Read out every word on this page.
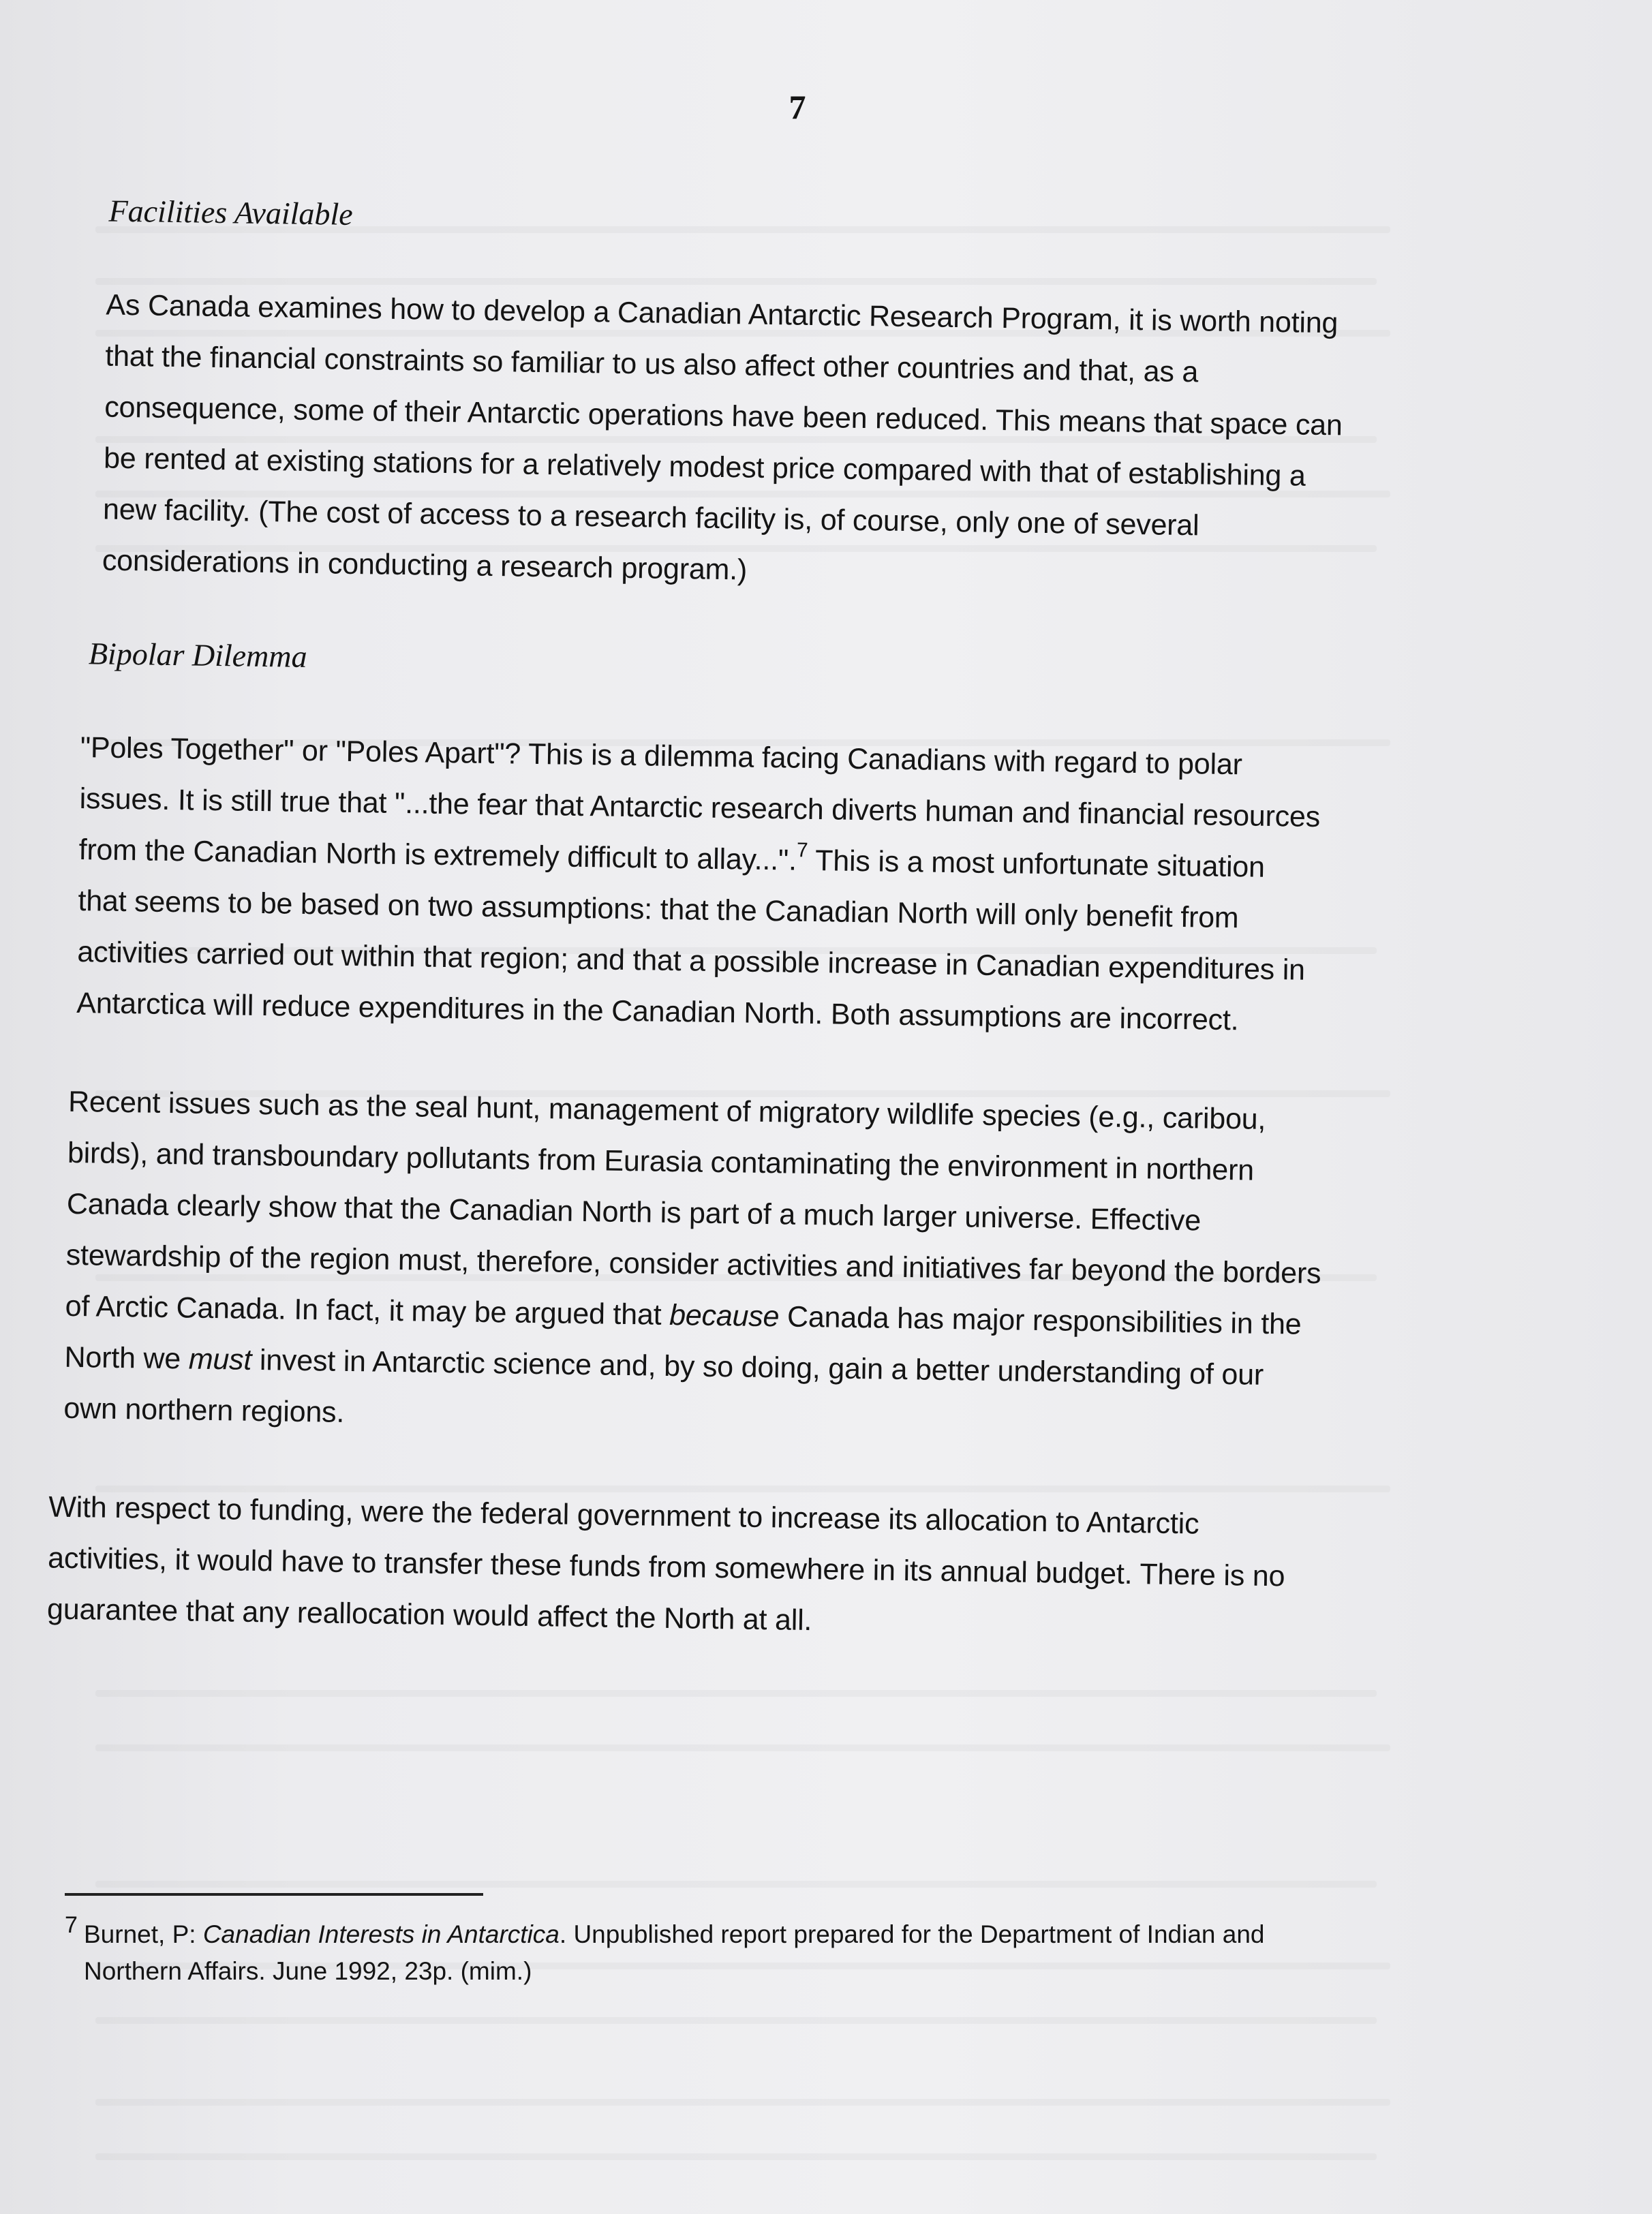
7
Facilities Available
As Canada examines how to develop a Canadian Antarctic Research Program, it is worth noting
that the financial constraints so familiar to us also affect other countries and that, as a
consequence, some of their Antarctic operations have been reduced. This means that space can
be rented at existing stations for a relatively modest price compared with that of establishing a
new facility. (The cost of access to a research facility is, of course, only one of several
considerations in conducting a research program.)
Bipolar Dilemma
"Poles Together" or "Poles Apart"? This is a dilemma facing Canadians with regard to polar
issues. It is still true that "...the fear that Antarctic research diverts human and financial resources
from the Canadian North is extremely difficult to allay...".$^7$ This is a most unfortunate situation
that seems to be based on two assumptions: that the Canadian North will only benefit from
activities carried out within that region; and that a possible increase in Canadian expenditures in
Antarctica will reduce expenditures in the Canadian North. Both assumptions are incorrect.
Recent issues such as the seal hunt, management of migratory wildlife species (e.g., caribou,
birds), and transboundary pollutants from Eurasia contaminating the environment in northern
Canada clearly show that the Canadian North is part of a much larger universe. Effective
stewardship of the region must, therefore, consider activities and initiatives far beyond the borders
of Arctic Canada. In fact, it may be argued that because Canada has major responsibilities in the
North we must invest in Antarctic science and, by so doing, gain a better understanding of our
own northern regions.
With respect to funding, were the federal government to increase its allocation to Antarctic
activities, it would have to transfer these funds from somewhere in its annual budget. There is no
guarantee that any reallocation would affect the North at all.
7 Burnet, P: Canadian Interests in Antarctica. Unpublished report prepared for the Department of Indian and
Northern Affairs. June 1992, 23p. (mim.)
